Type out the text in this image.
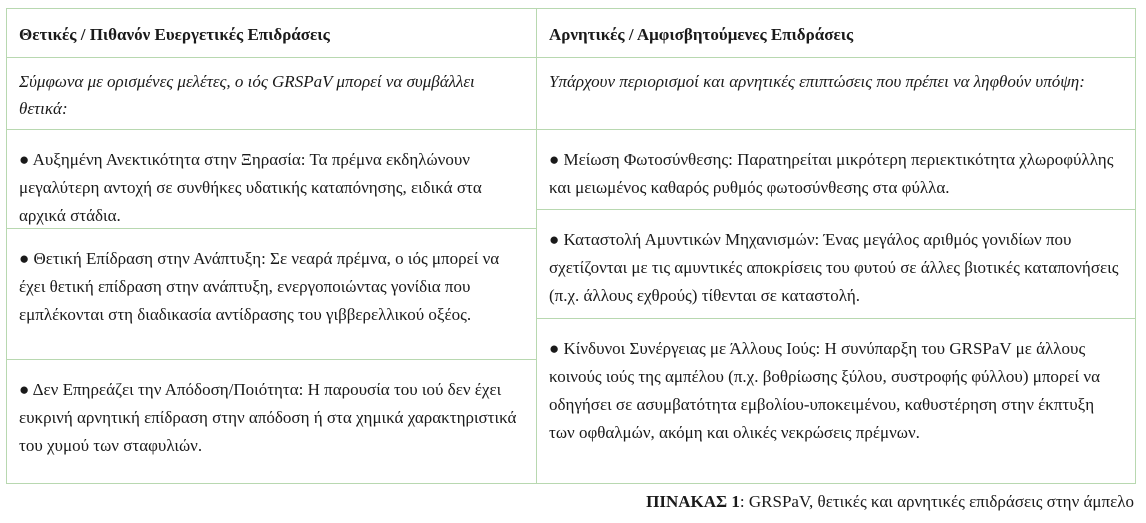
Θετικές / Πιθανόν Ευεργετικές Επιδράσεις
Σύμφωνα με ορισμένες μελέτες, ο ιός GRSPaV μπορεί να συμβάλλει θετικά:
● Αυξημένη Ανεκτικότητα στην Ξηρασία: Τα πρέμνα εκδηλώνουν μεγαλύτερη αντοχή σε συνθήκες υδατικής καταπόνησης, ειδικά στα αρχικά στάδια.
● Θετική Επίδραση στην Ανάπτυξη: Σε νεαρά πρέμνα, ο ιός μπορεί να έχει θετική επίδραση στην ανάπτυξη, ενεργοποιώντας γονίδια που εμπλέκονται στη διαδικασία αντίδρασης του γιββερελλικού οξέος.
● Δεν Επηρεάζει την Απόδοση/Ποιότητα: Η παρουσία του ιού δεν έχει ευκρινή αρνητική επίδραση στην απόδοση ή στα χημικά χαρακτηριστικά του χυμού των σταφυλιών.
Αρνητικές / Αμφισβητούμενες Επιδράσεις
Υπάρχουν περιορισμοί και αρνητικές επιπτώσεις που πρέπει να ληφθούν υπόψη:
● Μείωση Φωτοσύνθεσης: Παρατηρείται μικρότερη περιεκτικότητα χλωροφύλλης και μειωμένος καθαρός ρυθμός φωτοσύνθεσης στα φύλλα.
● Καταστολή Αμυντικών Μηχανισμών: Ένας μεγάλος αριθμός γονιδίων που σχετίζονται με τις αμυντικές αποκρίσεις του φυτού σε άλλες βιοτικές καταπονήσεις (π.χ. άλλους εχθρούς) τίθενται σε καταστολή.
● Κίνδυνοι Συνέργειας με Άλλους Ιούς: Η συνύπαρξη του GRSPaV με άλλους κοινούς ιούς της αμπέλου (π.χ. βοθρίωσης ξύλου, συστροφής φύλλου) μπορεί να οδηγήσει σε ασυμβατότητα εμβολίου-υποκειμένου, καθυστέρηση στην έκπτυξη των οφθαλμών, ακόμη και ολικές νεκρώσεις πρέμνων.
ΠΙΝΑΚΑΣ 1: GRSPaV, θετικές και αρνητικές επιδράσεις στην άμπελο
